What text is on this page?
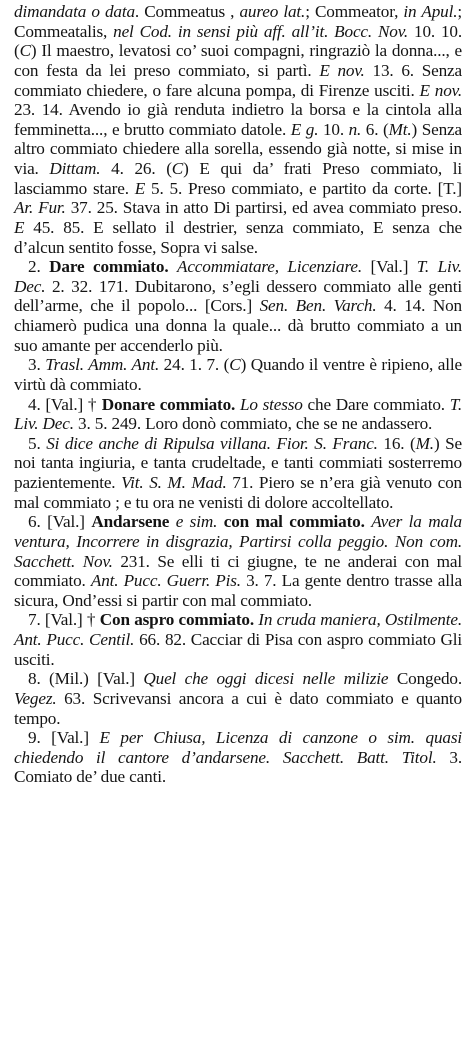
dimandata o data. Commeatus , aureo lat.; Commeator, in Apul.; Commeatalis, nel Cod. in sensi più aff. all’it. Bocc. Nov. 10. 10. (C) Il maestro, levatosi co’ suoi compagni, ringraziò la donna..., e con festa da lei preso commiato, si partì. E nov. 13. 6. Senza commiato chiedere, o fare alcuna pompa, di Firenze usciti. E nov. 23. 14. Avendo io già renduta indietro la borsa e la cintola alla femminetta..., e brutto commiato datole. E g. 10. n. 6. (Mt.) Senza altro commiato chiedere alla sorella, essendo già notte, si mise in via. Dittam. 4. 26. (C) E qui da’ frati Preso commiato, li lasciammo stare. E 5. 5. Preso commiato, e partito da corte. [T.] Ar. Fur. 37. 25. Stava in atto Di partirsi, ed avea commiato preso. E 45. 85. E sellato il destrier, senza commiato, E senza che d’alcun sentito fosse, Sopra vi salse.

2. Dare commiato. Accommiatare, Licenziare. [Val.] T. Liv. Dec. 2. 32. 171. Dubitarono, s’egli dessero commiato alle genti dell’arme, che il popolo... [Cors.] Sen. Ben. Varch. 4. 14. Non chiamerò pudica una donna la quale... dà brutto commiato a un suo amante per accenderlo più.

3. Trasl. Amm. Ant. 24. 1. 7. (C) Quando il ventre è ripieno, alle virtù dà commiato.

4. [Val.] † Donare commiato. Lo stesso che Dare commiato. T. Liv. Dec. 3. 5. 249. Loro donò commiato, che se ne andassero.

5. Si dice anche di Ripulsa villana. Fior. S. Franc. 16. (M.) Se noi tanta ingiuria, e tanta crudeltade, e tanti commiati sosterremo pazientemente. Vit. S. M. Mad. 71. Piero se n’era già venuto con mal commiato ; e tu ora ne venisti di dolore accoltellato.

6. [Val.] Andarsene e sim. con mal commiato. Aver la mala ventura, Incorrere in disgrazia, Partirsi colla peggio. Non com. Sacchett. Nov. 231. Se elli ti ci giugne, te ne anderai con mal commiato. Ant. Pucc. Guerr. Pis. 3. 7. La gente dentro trasse alla sicura, Ond’essi si partir con mal commiato.

7. [Val.] † Con aspro commiato. In cruda maniera, Ostilmente. Ant. Pucc. Centil. 66. 82. Cacciar di Pisa con aspro commiato Gli usciti.

8. (Mil.) [Val.] Quel che oggi dicesi nelle milizie Congedo. Vegez. 63. Scrivevansi ancora a cui è dato commiato e quanto tempo.

9. [Val.] E per Chiusa, Licenza di canzone o sim. quasi chiedendo il cantore d’andarsene. Sacchett. Batt. Titol. 3. Comiato de’ due canti.
